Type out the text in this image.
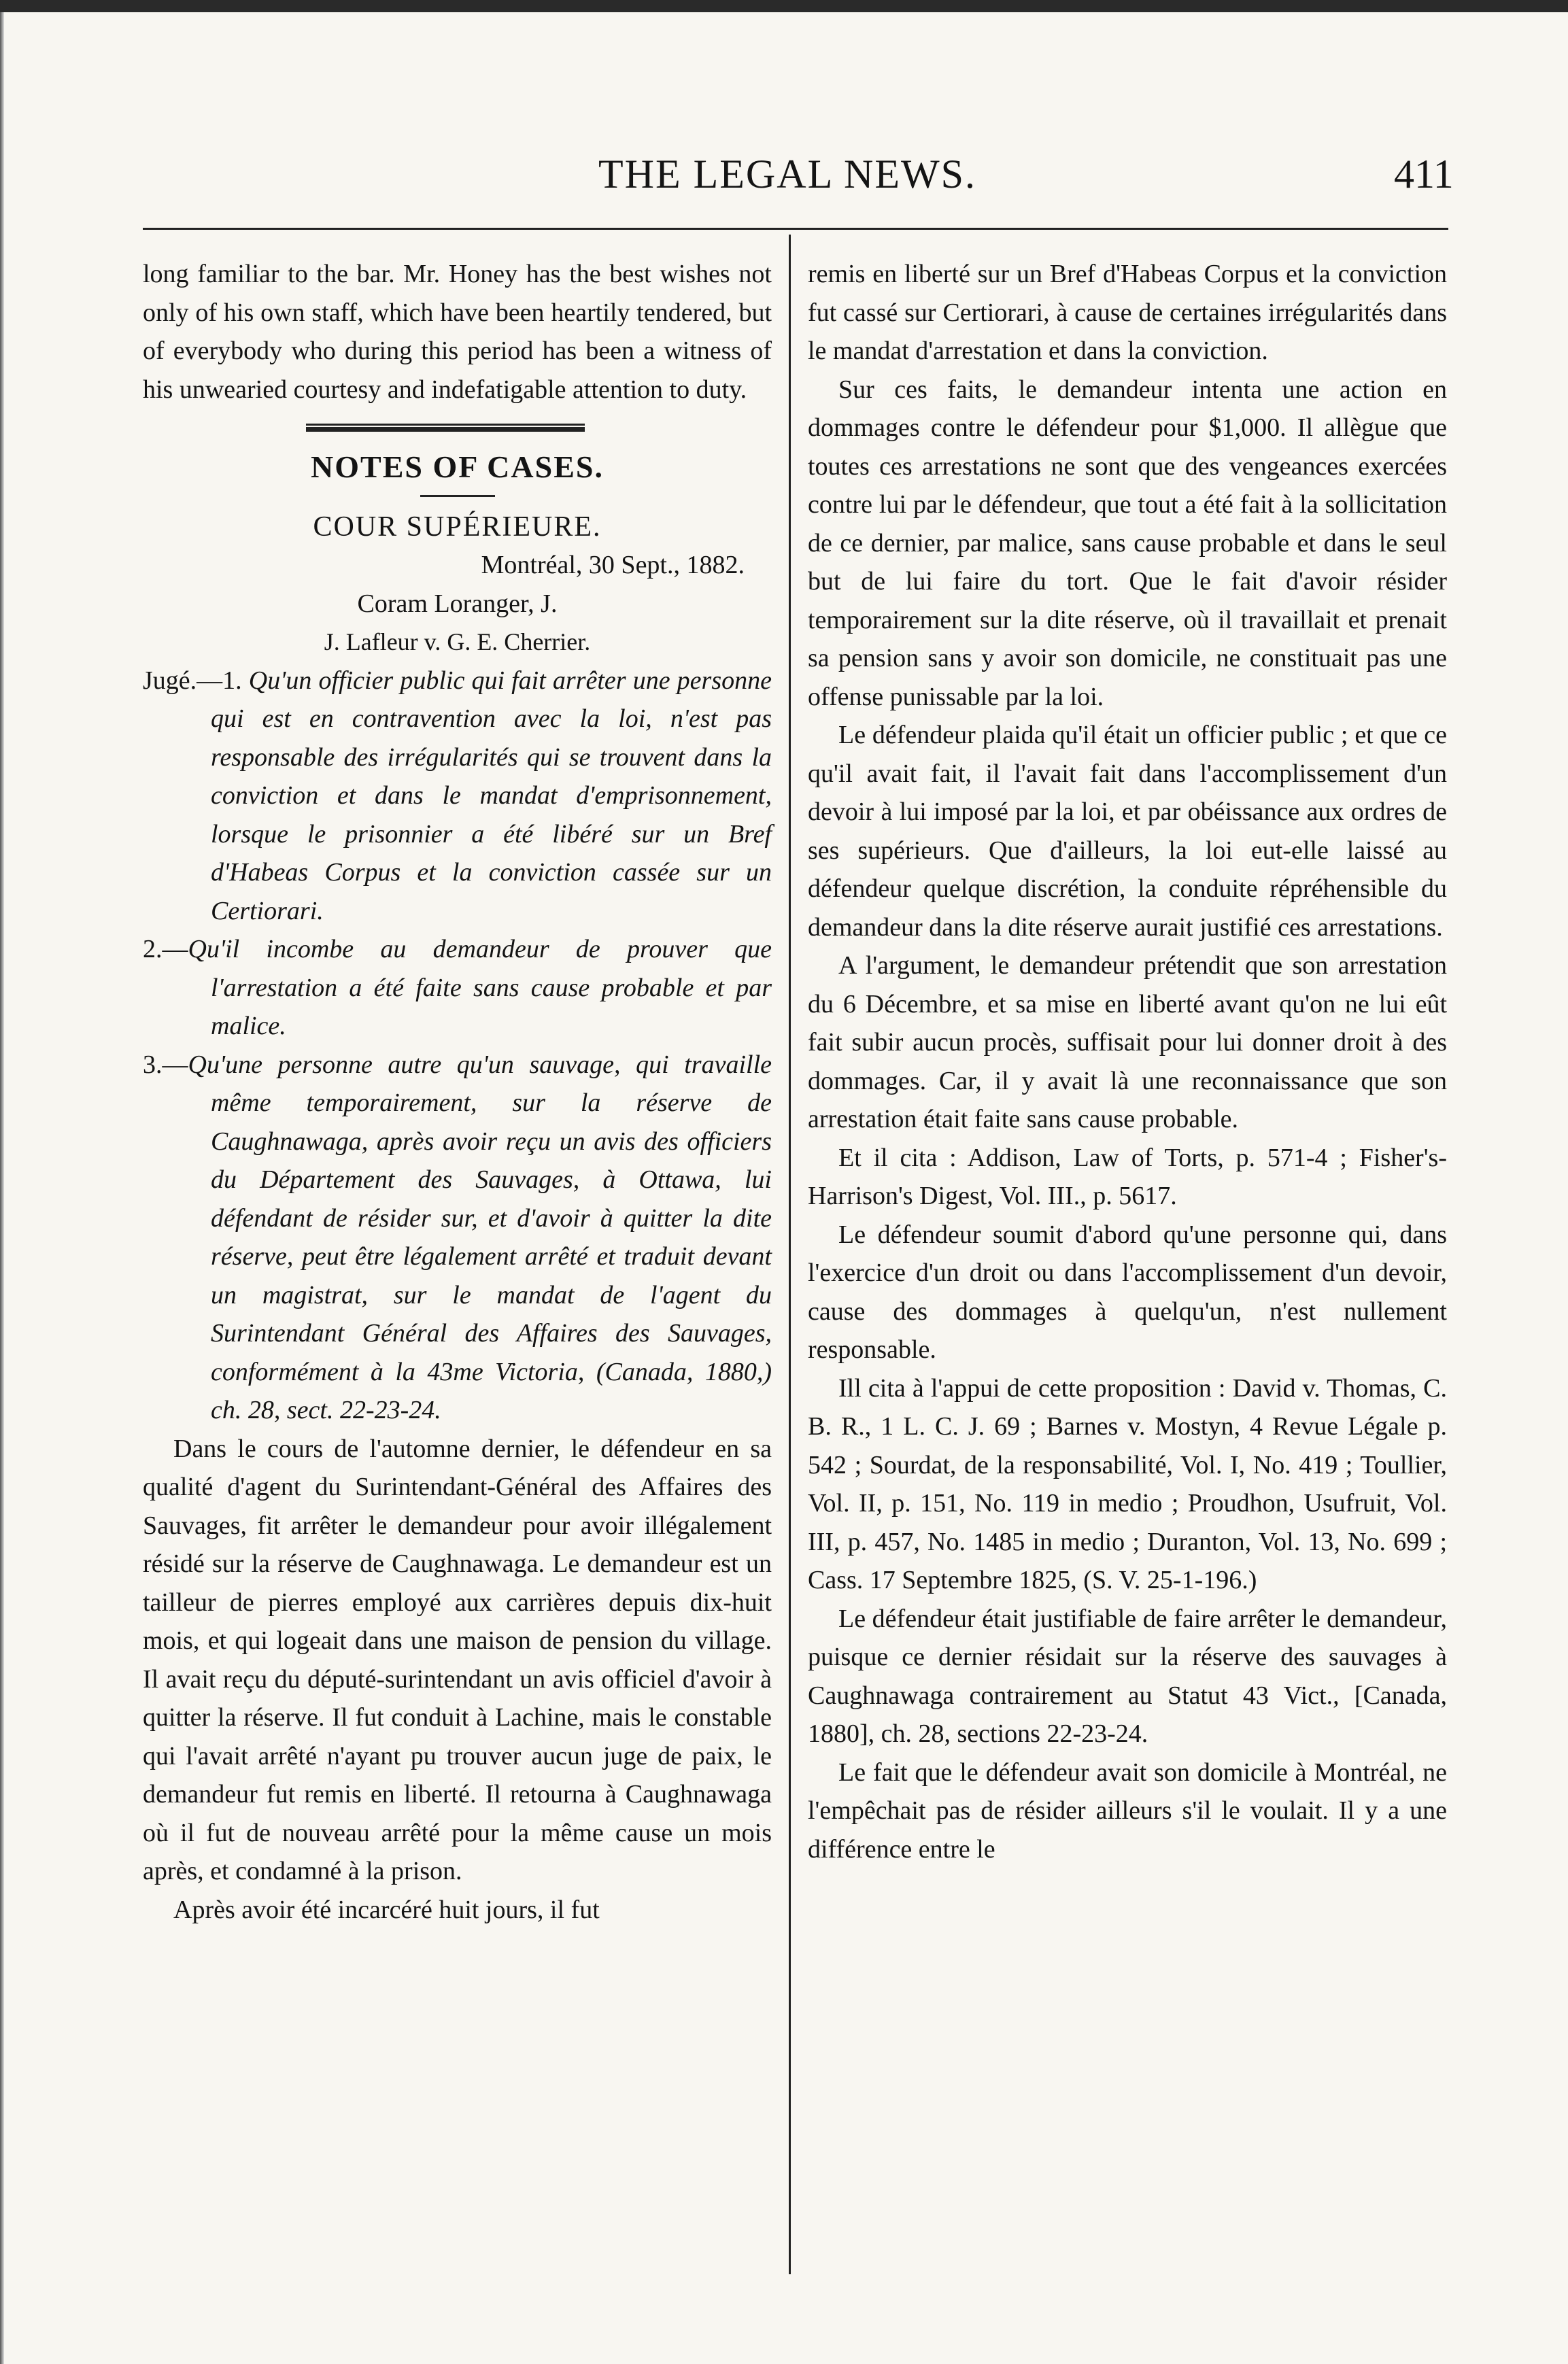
THE LEGAL NEWS.	411

long familiar to the bar. Mr. Honey has the best wishes not only of his own staff, which have been heartily tendered, but of everybody who during this period has been a witness of his unwearied courtesy and indefatigable attention to duty.

NOTES OF CASES.

COUR SUPÉRIEURE.

Montréal, 30 Sept., 1882.

Coram Loranger, J.

J. Lafleur v. G. E. Cherrier.

Jugé.—1. Qu'un officier public qui fait arrêter une personne qui est en contravention avec la loi, n'est pas responsable des irrégularités qui se trouvent dans la conviction et dans le mandat d'emprisonnement, lorsque le prisonnier a été libéré sur un Bref d'Habeas Corpus et la conviction cassée sur un Certiorari.

2.—Qu'il incombe au demandeur de prouver que l'arrestation a été faite sans cause probable et par malice.

3.—Qu'une personne autre qu'un sauvage, qui travaille même temporairement, sur la réserve de Caughnawaga, après avoir reçu un avis des officiers du Département des Sauvages, à Ottawa, lui défendant de résider sur, et d'avoir à quitter la dite réserve, peut être légalement arrêté et traduit devant un magistrat, sur le mandat de l'agent du Surintendant Général des Affaires des Sauvages, conformément à la 43me Victoria, (Canada, 1880,) ch. 28, sect. 22-23-24.

Dans le cours de l'automne dernier, le défendeur en sa qualité d'agent du Surintendant-Général des Affaires des Sauvages, fit arrêter le demandeur pour avoir illégalement résidé sur la réserve de Caughnawaga. Le demandeur est un tailleur de pierres employé aux carrières depuis dix-huit mois, et qui logeait dans une maison de pension du village. Il avait reçu du député-surintendant un avis officiel d'avoir à quitter la réserve. Il fut conduit à Lachine, mais le constable qui l'avait arrêté n'ayant pu trouver aucun juge de paix, le demandeur fut remis en liberté. Il retourna à Caughnawaga où il fut de nouveau arrêté pour la même cause un mois après, et condamné à la prison.

Après avoir été incarcéré huit jours, il fut

remis en liberté sur un Bref d'Habeas Corpus et la conviction fut cassé sur Certiorari, à cause de certaines irrégularités dans le mandat d'arrestation et dans la conviction.

Sur ces faits, le demandeur intenta une action en dommages contre le défendeur pour $1,000. Il allègue que toutes ces arrestations ne sont que des vengeances exercées contre lui par le défendeur, que tout a été fait à la sollicitation de ce dernier, par malice, sans cause probable et dans le seul but de lui faire du tort. Que le fait d'avoir résider temporairement sur la dite réserve, où il travaillait et prenait sa pension sans y avoir son domicile, ne constituait pas une offense punissable par la loi.

Le défendeur plaida qu'il était un officier public ; et que ce qu'il avait fait, il l'avait fait dans l'accomplissement d'un devoir à lui imposé par la loi, et par obéissance aux ordres de ses supérieurs. Que d'ailleurs, la loi eut-elle laissé au défendeur quelque discrétion, la conduite répréhensible du demandeur dans la dite réserve aurait justifié ces arrestations.

A l'argument, le demandeur prétendit que son arrestation du 6 Décembre, et sa mise en liberté avant qu'on ne lui eût fait subir aucun procès, suffisait pour lui donner droit à des dommages. Car, il y avait là une reconnaissance que son arrestation était faite sans cause probable.

Et il cita : Addison, Law of Torts, p. 571-4 ; Fisher's-Harrison's Digest, Vol. III., p. 5617.

Le défendeur soumit d'abord qu'une personne qui, dans l'exercice d'un droit ou dans l'accomplissement d'un devoir, cause des dommages à quelqu'un, n'est nullement responsable.

Ill cita à l'appui de cette proposition : David v. Thomas, C. B. R., 1 L. C. J. 69 ; Barnes v. Mostyn, 4 Revue Légale p. 542 ; Sourdat, de la responsabilité, Vol. I, No. 419 ; Toullier, Vol. II, p. 151, No. 119 in medio ; Proudhon, Usufruit, Vol. III, p. 457, No. 1485 in medio ; Duranton, Vol. 13, No. 699 ; Cass. 17 Septembre 1825, (S. V. 25-1-196.)

Le défendeur était justifiable de faire arrêter le demandeur, puisque ce dernier résidait sur la réserve des sauvages à Caughnawaga contrairement au Statut 43 Vict., [Canada, 1880], ch. 28, sections 22-23-24.

Le fait que le défendeur avait son domicile à Montréal, ne l'empêchait pas de résider ailleurs s'il le voulait. Il y a une différence entre le
